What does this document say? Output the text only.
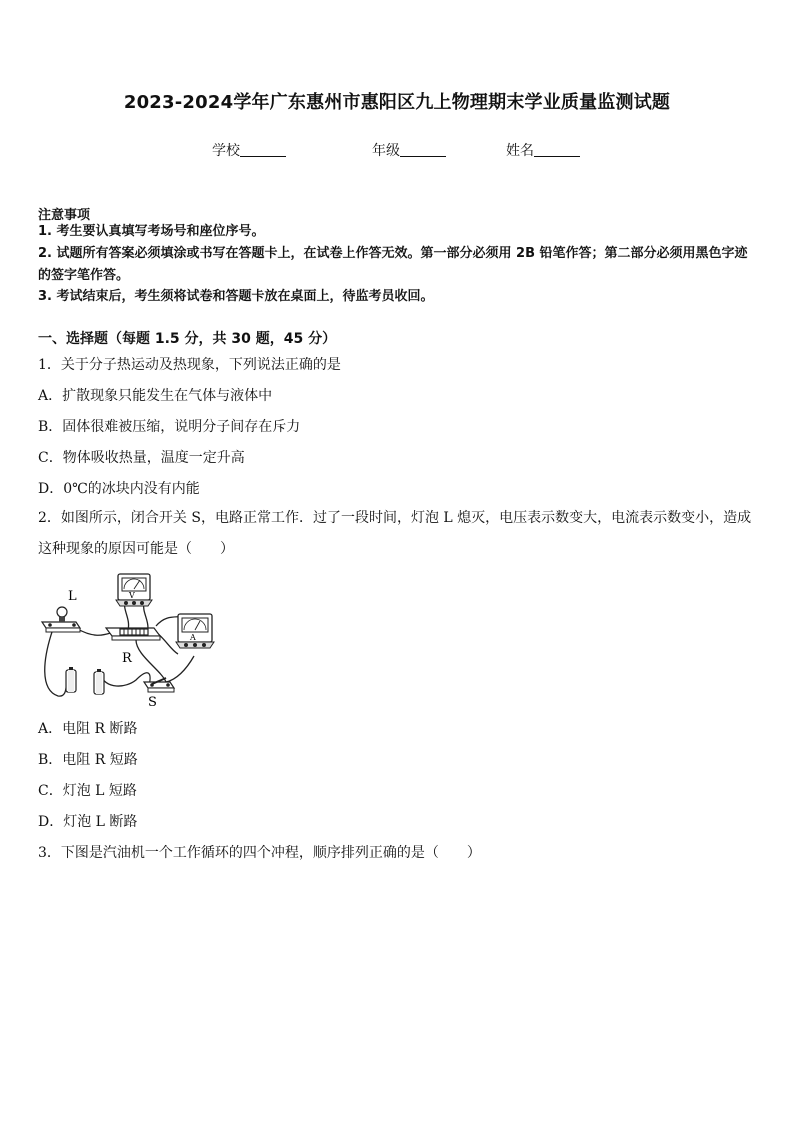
2023-2024学年广东惠州市惠阳区九上物理期末学业质量监测试题
学校	年级	姓名
注意事项
1. 考生要认真填写考场号和座位序号。
2. 试题所有答案必须填涂或书写在答题卡上，在试卷上作答无效。第一部分必须用 2B 铅笔作答；第二部分必须用黑色字迹的签字笔作答。
3. 考试结束后，考生须将试卷和答题卡放在桌面上，待监考员收回。
一、选择题（每题 1.5 分，共 30 题，45 分）
1．关于分子热运动及热现象，下列说法正确的是
A．扩散现象只能发生在气体与液体中
B．固体很难被压缩，说明分子间存在斥力
C．物体吸收热量，温度一定升高
D．0℃的冰块内没有内能
2．如图所示，闭合开关 S，电路正常工作．过了一段时间，灯泡 L 熄灭，电压表示数变大，电流表示数变小，造成这种现象的原因可能是（　　）
L
R
V
A
S
A．电阻 R 断路
B．电阻 R 短路
C．灯泡 L 短路
D．灯泡 L 断路
3．下图是汽油机一个工作循环的四个冲程，顺序排列正确的是（　　）
